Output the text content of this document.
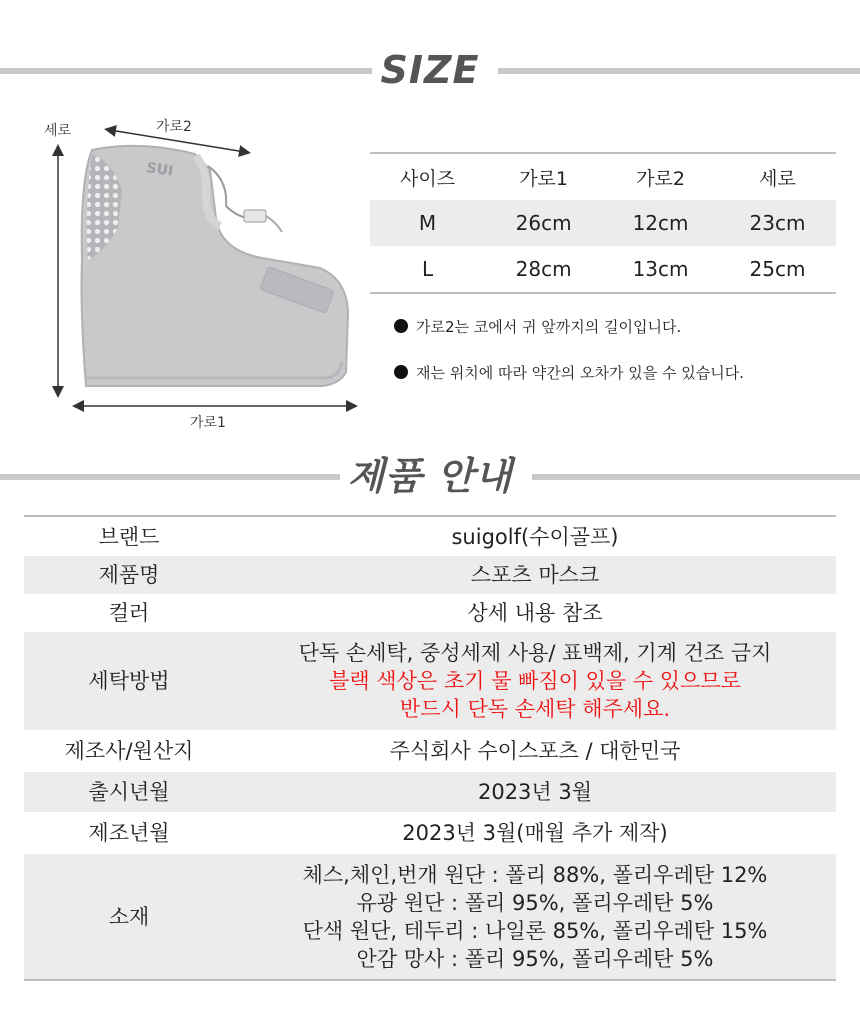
SIZE
SUI
세로	가로2
가로1
사이즈	가로1	가로2	세로
M	26cm	12cm	23cm
L	28cm	13cm	25cm
가로2는 코에서 귀 앞까지의 길이입니다.
재는 위치에 따라 약간의 오차가 있을 수 있습니다.
제품 안내
브랜드	suigolf(수이골프)
제품명	스포츠 마스크
컬러	상세 내용 참조
세탁방법	단독 손세탁, 중성세제 사용/ 표백제, 기계 건조 금지
블랙 색상은 초기 물 빠짐이 있을 수 있으므로
반드시 단독 손세탁 해주세요.

제조사/원산지	주식회사 수이스포츠 / 대한민국
출시년월	2023년 3월
제조년월	2023년 3월(매월 추가 제작)
소재	체스,체인,번개 원단 : 폴리 88%, 폴리우레탄 12%
유광 원단 : 폴리 95%, 폴리우레탄 5%
단색 원단, 테두리 : 나일론 85%, 폴리우레탄 15%
안감 망사 : 폴리 95%, 폴리우레탄 5%
